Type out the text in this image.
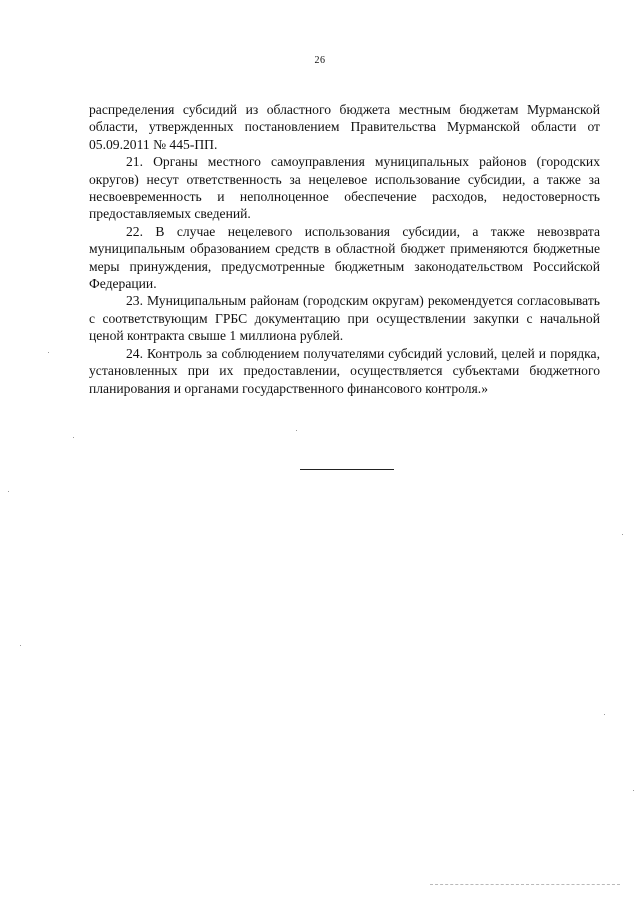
26

распределения субсидий из областного бюджета местным бюджетам Мурманской области, утвержденных постановлением Правительства Мурманской области от 05.09.2011 № 445-ПП.

21. Органы местного самоуправления муниципальных районов (городских округов) несут ответственность за нецелевое использование субсидии, а также за несвоевременность и неполноценное обеспечение расходов, недостоверность предоставляемых сведений.

22. В случае нецелевого использования субсидии, а также невозврата муниципальным образованием средств в областной бюджет применяются бюджетные меры принуждения, предусмотренные бюджетным законодательством Российской Федерации.

23. Муниципальным районам (городским округам) рекомендуется согласовывать с соответствующим ГРБС документацию при осуществлении закупки с начальной ценой контракта свыше 1 миллиона рублей.

24. Контроль за соблюдением получателями субсидий условий, целей и порядка, установленных при их предоставлении, осуществляется субъектами бюджетного планирования и органами государственного финансового контроля.»
